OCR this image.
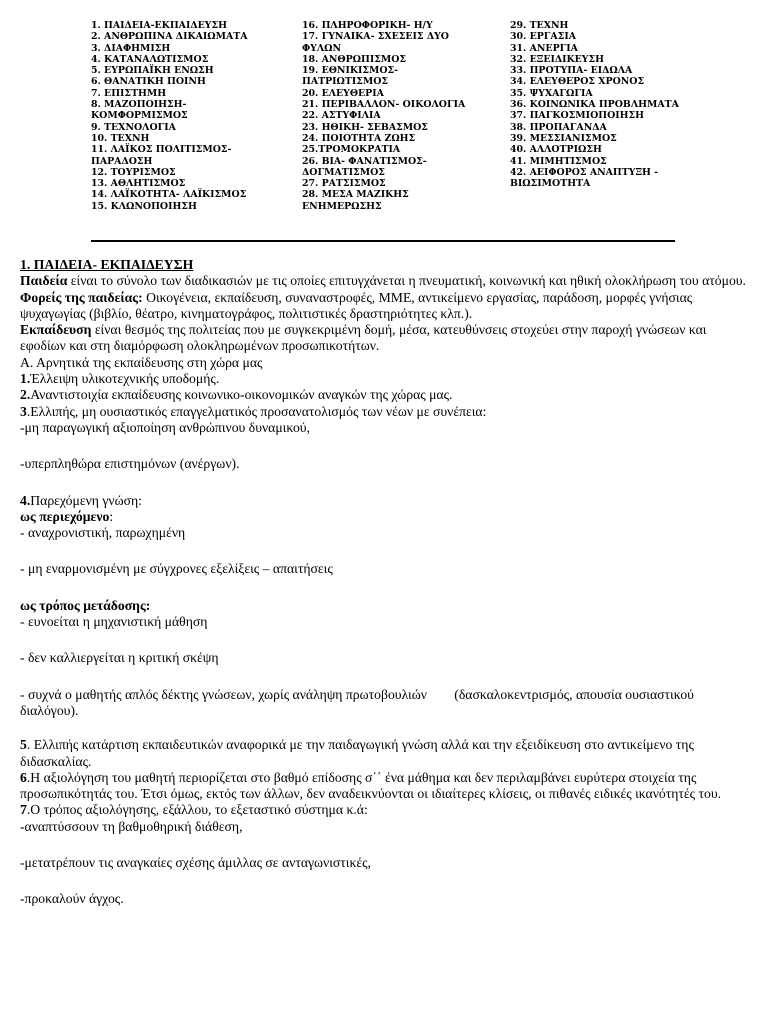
1. ΠΑΙΔΕΙΑ-ΕΚΠΑΙΔΕΥΣΗ
2. ΑΝΘΡΩΠΙΝΑ ΔΙΚΑΙΩΜΑΤΑ
3. ΔΙΑΦΗΜΙΣΗ
4. ΚΑΤΑΝΑΛΩΤΙΣΜΟΣ
5. ΕΥΡΩΠΑΪΚΗ ΕΝΩΣΗ
6. ΘΑΝΑΤΙΚΗ ΠΟΙΝΗ
7. ΕΠΙΣΤΗΜΗ
8. ΜΑΖΟΠΟΙΗΣΗ-
ΚΟΜΦΟΡΜΙΣΜΟΣ
9. ΤΕΧΝΟΛΟΓΙΑ
10. ΤΕΧΝΗ
11. ΛΑΪΚΟΣ ΠΟΛΙΤΙΣΜΟΣ-
ΠΑΡΑΔΟΣΗ
12. ΤΟΥΡΙΣΜΟΣ
13. ΑΘΛΗΤΙΣΜΟΣ
14. ΛΑΪΚΟΤΗΤΑ- ΛΑΪΚΙΣΜΟΣ
15. ΚΛΩΝΟΠΟΙΗΣΗ
16. ΠΛΗΡΟΦΟΡΙΚΗ- Η/Υ
17. ΓΥΝΑΙΚΑ- ΣΧΕΣΕΙΣ ΔΥΟ
ΦΥΛΩΝ
18. ΑΝΘΡΩΠΙΣΜΟΣ
19. ΕΘΝΙΚΙΣΜΟΣ-
ΠΑΤΡΙΩΤΙΣΜΟΣ
20. ΕΛΕΥΘΕΡΙΑ
21. ΠΕΡΙΒΑΛΛΟΝ- ΟΙΚΟΛΟΓΙΑ
22. ΑΣΤΥΦΙΛΙΑ
23. ΗΘΙΚΗ- ΣΕΒΑΣΜΟΣ
24. ΠΟΙΟΤΗΤΑ ΖΩΗΣ
25.ΤΡΟΜΟΚΡΑΤΙΑ
26. ΒΙΑ- ΦΑΝΑΤΙΣΜΟΣ-
ΔΟΓΜΑΤΙΣΜΟΣ
27. ΡΑΤΣΙΣΜΟΣ
28. ΜΕΣΑ ΜΑΖΙΚΗΣ
ΕΝΗΜΕΡΩΣΗΣ
29. ΤΕΧΝΗ
30. ΕΡΓΑΣΙΑ
31. ΑΝΕΡΓΙΑ
32. ΕΞΕΙΔΙΚΕΥΣΗ
33. ΠΡΟΤΥΠΑ- ΕΙΔΩΛΑ
34. ΕΛΕΥΘΕΡΟΣ ΧΡΟΝΟΣ
35. ΨΥΧΑΓΩΓΙΑ
36. ΚΟΙΝΩΝΙΚΑ ΠΡΟΒΛΗΜΑΤΑ
37. ΠΑΓΚΟΣΜΙΟΠΟΙΗΣΗ
38. ΠΡΟΠΑΓΑΝΔΑ
39. ΜΕΣΣΙΑΝΙΣΜΟΣ
40. ΑΛΛΟΤΡΙΩΣΗ
41. ΜΙΜΗΤΙΣΜΟΣ
42. ΑΕΙΦΟΡΟΣ ΑΝΑΠΤΥΞΗ -
ΒΙΩΣΙΜΟΤΗΤΑ

1. ΠΑΙΔΕΙΑ- ΕΚΠΑΙΔΕΥΣΗ

Παιδεία είναι το σύνολο των διαδικασιών με τις οποίες επιτυγχάνεται η πνευματική, κοινωνική και ηθική ολοκλήρωση του ατόμου.

Φορείς της παιδείας: Οικογένεια, εκπαίδευση, συναναστροφές, ΜΜΕ, αντικείμενο εργασίας, παράδοση, μορφές γνήσιας ψυχαγωγίας (βιβλίο, θέατρο, κινηματογράφος, πολιτιστικές δραστηριότητες κλπ.).

Εκπαίδευση είναι θεσμός της πολιτείας που με συγκεκριμένη δομή, μέσα, κατευθύνσεις στοχεύει στην παροχή γνώσεων και εφοδίων και στη διαμόρφωση ολοκληρωμένων προσωπικοτήτων.

Α. Αρνητικά της εκπαίδευσης στη χώρα μας

1.Έλλειψη υλικοτεχνικής υποδομής.

2.Αναντιστοιχία εκπαίδευσης κοινωνικο-οικονομικών αναγκών της χώρας μας.

3.Ελλιπής, μη ουσιαστικός επαγγελματικός προσανατολισμός των νέων με συνέπεια:

-μη παραγωγική αξιοποίηση ανθρώπινου δυναμικού,

-υπερπληθώρα επιστημόνων (ανέργων).

4.Παρεχόμενη γνώση:

ως περιεχόμενο:

- αναχρονιστική, παρωχημένη

- μη εναρμονισμένη με σύγχρονες εξελίξεις – απαιτήσεις

ως τρόπος μετάδοσης:

- ευνοείται η μηχανιστική μάθηση

- δεν καλλιεργείται η κριτική σκέψη

- συχνά ο μαθητής απλός δέκτης γνώσεων, χωρίς ανάληψη πρωτοβουλιών        (δασκαλοκεντρισμός, απουσία ουσιαστικού διαλόγου).

5. Ελλιπής κατάρτιση εκπαιδευτικών αναφορικά με την παιδαγωγική γνώση αλλά και την εξειδίκευση στο αντικείμενο της διδασκαλίας.

6.Η αξιολόγηση του μαθητή περιορίζεται στο βαθμό επίδοσης σ΄΄ ένα μάθημα και δεν περιλαμβάνει ευρύτερα στοιχεία της προσωπικότητάς του. Έτσι όμως, εκτός των άλλων, δεν αναδεικνύονται οι ιδιαίτερες κλίσεις, οι πιθανές ειδικές ικανότητές του.

7.Ο τρόπος αξιολόγησης, εξάλλου, το εξεταστικό σύστημα κ.ά:

-αναπτύσσουν τη βαθμοθηρική διάθεση,

-μετατρέπουν τις αναγκαίες σχέσης άμιλλας σε ανταγωνιστικές,

-προκαλούν άγχος.
